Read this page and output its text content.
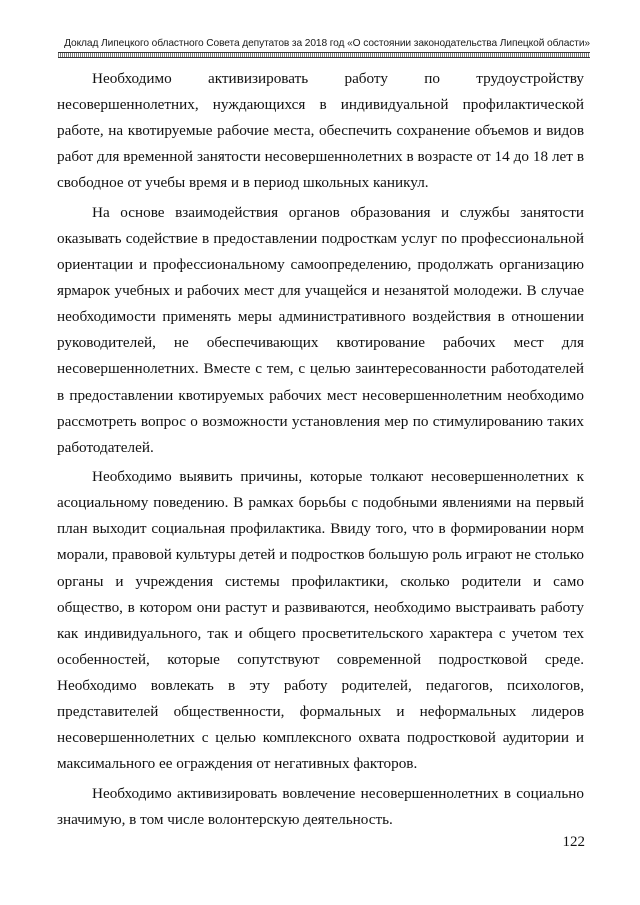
Доклад Липецкого областного Совета депутатов за 2018 год «О состоянии законодательства Липецкой области»

Необходимо активизировать работу по трудоустройству несовершеннолетних, нуждающихся в индивидуальной профилактической работе, на квотируемые рабочие места, обеспечить сохранение объемов и видов работ для временной занятости несовершеннолетних в возрасте от 14 до 18 лет в свободное от учебы время и в период школьных каникул.

На основе взаимодействия органов образования и службы занятости оказывать содействие в предоставлении подросткам услуг по профессиональной ориентации и профессиональному самоопределению, продолжать организацию ярмарок учебных и рабочих мест для учащейся и незанятой молодежи. В случае необходимости применять меры административного воздействия в отношении руководителей, не обеспечивающих квотирование рабочих мест для несовершеннолетних. Вместе с тем, с целью заинтересованности работодателей в предоставлении квотируемых рабочих мест несовершеннолетним необходимо рассмотреть вопрос о возможности установления мер по стимулированию таких работодателей.

Необходимо выявить причины, которые толкают несовершеннолетних к асоциальному поведению. В рамках борьбы с подобными явлениями на первый план выходит социальная профилактика. Ввиду того, что в формировании норм морали, правовой культуры детей и подростков большую роль играют не столько органы и учреждения системы профилактики, сколько родители и само общество, в котором они растут и развиваются, необходимо выстраивать работу как индивидуального, так и общего просветительского характера с учетом тех особенностей, которые сопутствуют современной подростковой среде. Необходимо вовлекать в эту работу родителей, педагогов, психологов, представителей общественности, формальных и неформальных лидеров несовершеннолетних с целью комплексного охвата подростковой аудитории и максимального ее ограждения от негативных факторов.

Необходимо активизировать вовлечение несовершеннолетних в социально значимую, в том числе волонтерскую деятельность.

122
